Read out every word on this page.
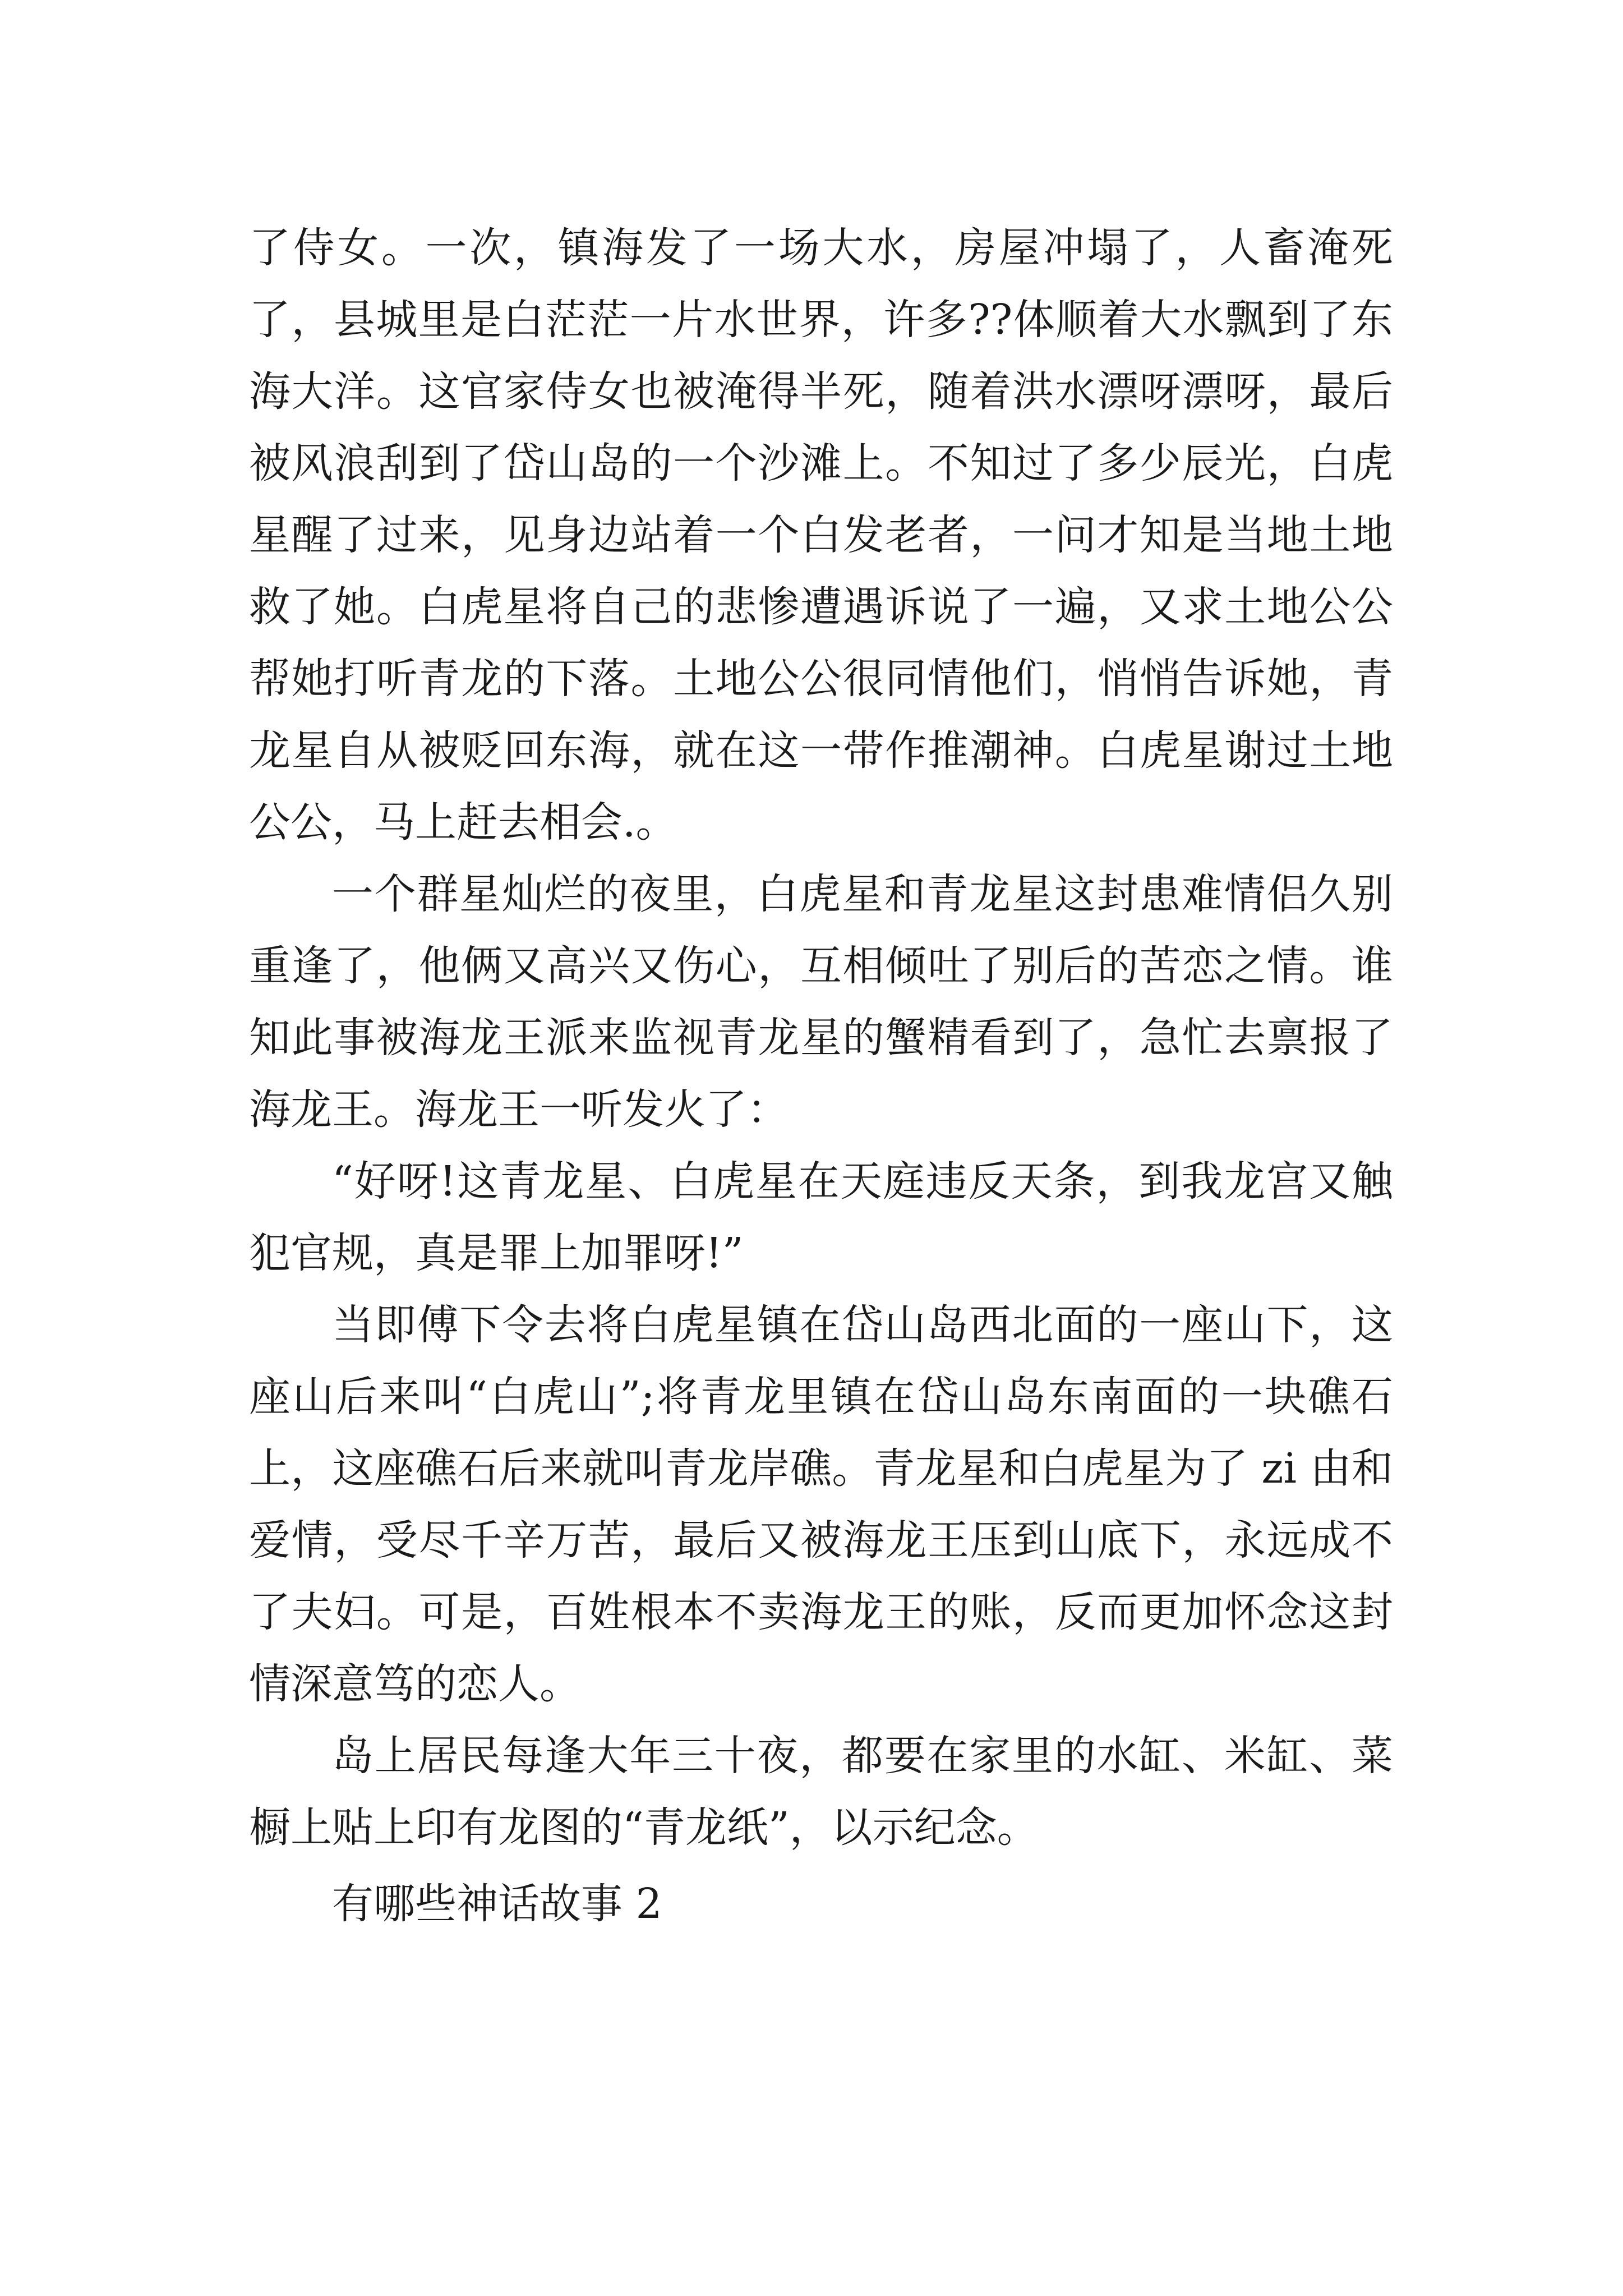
了侍女。一次，镇海发了一场大水，房屋冲塌了，人畜淹死了，县城里是白茫茫一片水世界，许多??体顺着大水飘到了东海大洋。这官家侍女也被淹得半死，随着洪水漂呀漂呀，最后被风浪刮到了岱山岛的一个沙滩上。不知过了多少辰光，白虎星醒了过来，见身边站着一个白发老者，一问才知是当地土地救了她。白虎星将自己的悲惨遭遇诉说了一遍，又求土地公公帮她打听青龙的下落。土地公公很同情他们，悄悄告诉她，青龙星自从被贬回东海，就在这一带作推潮神。白虎星谢过土地公公，马上赶去相会.。

一个群星灿烂的夜里，白虎星和青龙星这封患难情侣久别重逢了，他俩又高兴又伤心，互相倾吐了别后的苦恋之情。谁知此事被海龙王派来监视青龙星的蟹精看到了，急忙去禀报了海龙王。海龙王一听发火了：

“好呀!这青龙星、白虎星在天庭违反天条，到我龙宫又触犯官规，真是罪上加罪呀!”

当即傅下令去将白虎星镇在岱山岛西北面的一座山下，这座山后来叫“白虎山”;将青龙里镇在岱山岛东南面的一块礁石上，这座礁石后来就叫青龙岸礁。青龙星和白虎星为了 zi 由和爱情，受尽千辛万苦，最后又被海龙王压到山底下，永远成不了夫妇。可是，百姓根本不卖海龙王的账，反而更加怀念这封情深意笃的恋人。

岛上居民每逢大年三十夜，都要在家里的水缸、米缸、菜橱上贴上印有龙图的“青龙纸”，以示纪念。

有哪些神话故事 2
